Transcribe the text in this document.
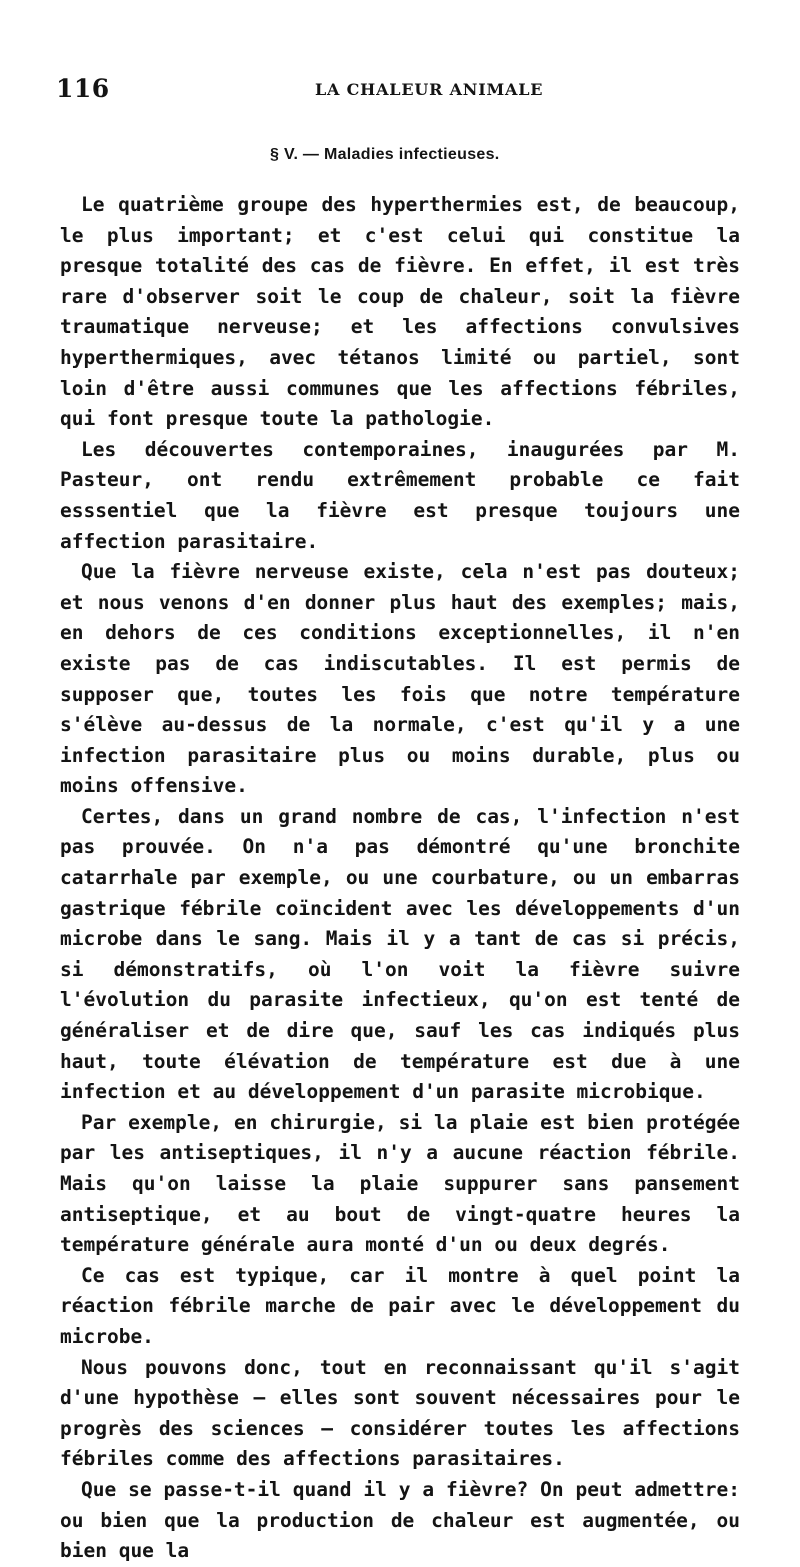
116	LA CHALEUR ANIMALE
§ V. — Maladies infectieuses.

Le quatrième groupe des hyperthermies est, de beaucoup, le plus important; et c'est celui qui constitue la presque totalité des cas de fièvre. En effet, il est très rare d'observer soit le coup de chaleur, soit la fièvre traumatique nerveuse; et les affections convulsives hyperthermiques, avec tétanos limité ou partiel, sont loin d'être aussi communes que les affections fébriles, qui font presque toute la pathologie.

Les découvertes contemporaines, inaugurées par M. Pasteur, ont rendu extrêmement probable ce fait esssentiel que la fièvre est presque toujours une affection parasitaire.

Que la fièvre nerveuse existe, cela n'est pas douteux; et nous venons d'en donner plus haut des exemples; mais, en dehors de ces conditions exceptionnelles, il n'en existe pas de cas indiscutables. Il est permis de supposer que, toutes les fois que notre température s'élève au-dessus de la normale, c'est qu'il y a une infection parasitaire plus ou moins durable, plus ou moins offensive.

Certes, dans un grand nombre de cas, l'infection n'est pas prouvée. On n'a pas démontré qu'une bronchite catarrhale par exemple, ou une courbature, ou un embarras gastrique fébrile coïncident avec les développements d'un microbe dans le sang. Mais il y a tant de cas si précis, si démonstratifs, où l'on voit la fièvre suivre l'évolution du parasite infectieux, qu'on est tenté de généraliser et de dire que, sauf les cas indiqués plus haut, toute élévation de température est due à une infection et au développement d'un parasite microbique.

Par exemple, en chirurgie, si la plaie est bien protégée par les antiseptiques, il n'y a aucune réaction fébrile. Mais qu'on laisse la plaie suppurer sans pansement antiseptique, et au bout de vingt-quatre heures la température générale aura monté d'un ou deux degrés.

Ce cas est typique, car il montre à quel point la réaction fébrile marche de pair avec le développement du microbe.

Nous pouvons donc, tout en reconnaissant qu'il s'agit d'une hypothèse — elles sont souvent nécessaires pour le progrès des sciences — considérer toutes les affections fébriles comme des affections parasitaires.

Que se passe-t-il quand il y a fièvre? On peut admettre: ou bien que la production de chaleur est augmentée, ou bien que la
